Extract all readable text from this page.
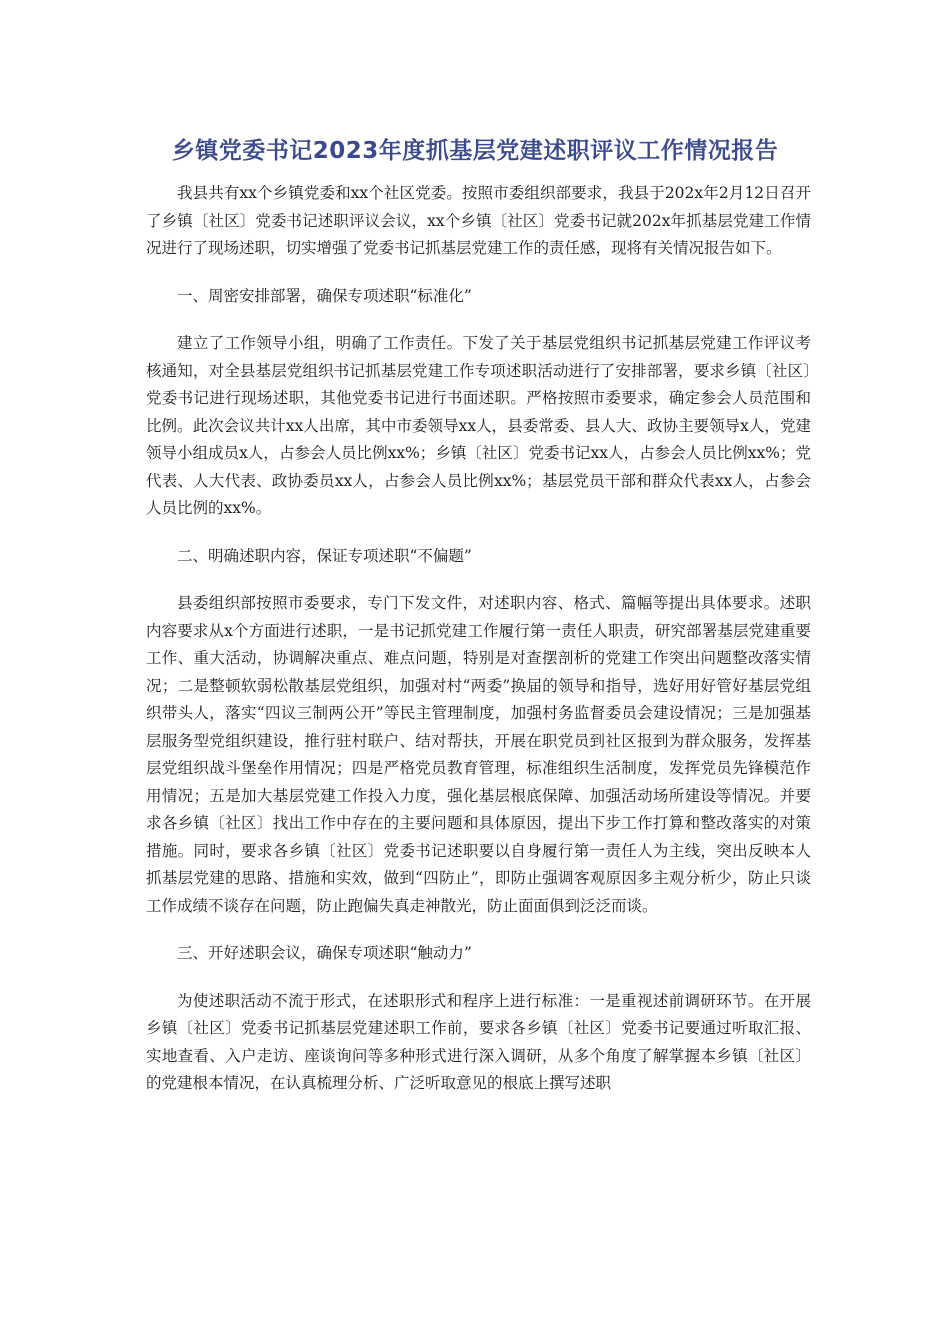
乡镇党委书记2023年度抓基层党建述职评议工作情况报告

我县共有xx个乡镇党委和xx个社区党委。按照市委组织部要求，我县于202x年2月12日召开了乡镇〔社区〕党委书记述职评议会议，xx个乡镇〔社区〕党委书记就202x年抓基层党建工作情况进行了现场述职，切实增强了党委书记抓基层党建工作的责任感，现将有关情况报告如下。

一、周密安排部署，确保专项述职“标准化”

建立了工作领导小组，明确了工作责任。下发了关于基层党组织书记抓基层党建工作评议考核通知，对全县基层党组织书记抓基层党建工作专项述职活动进行了安排部署，要求乡镇〔社区〕党委书记进行现场述职，其他党委书记进行书面述职。严格按照市委要求，确定参会人员范围和比例。此次会议共计xx人出席，其中市委领导xx人，县委常委、县人大、政协主要领导x人，党建领导小组成员x人，占参会人员比例xx%；乡镇〔社区〕党委书记xx人，占参会人员比例xx%；党代表、人大代表、政协委员xx人，占参会人员比例xx%；基层党员干部和群众代表xx人，占参会人员比例的xx%。

二、明确述职内容，保证专项述职“不偏题”

县委组织部按照市委要求，专门下发文件，对述职内容、格式、篇幅等提出具体要求。述职内容要求从x个方面进行述职，一是书记抓党建工作履行第一责任人职责，研究部署基层党建重要工作、重大活动，协调解决重点、难点问题，特别是对查摆剖析的党建工作突出问题整改落实情况；二是整顿软弱松散基层党组织，加强对村“两委”换届的领导和指导，选好用好管好基层党组织带头人，落实“四议三制两公开”等民主管理制度，加强村务监督委员会建设情况；三是加强基层服务型党组织建设，推行驻村联户、结对帮扶，开展在职党员到社区报到为群众服务，发挥基层党组织战斗堡垒作用情况；四是严格党员教育管理，标准组织生活制度，发挥党员先锋模范作用情况；五是加大基层党建工作投入力度，强化基层根底保障、加强活动场所建设等情况。并要求各乡镇〔社区〕找出工作中存在的主要问题和具体原因，提出下步工作打算和整改落实的对策措施。同时，要求各乡镇〔社区〕党委书记述职要以自身履行第一责任人为主线，突出反映本人抓基层党建的思路、措施和实效，做到“四防止”，即防止强调客观原因多主观分析少，防止只谈工作成绩不谈存在问题，防止跑偏失真走神散光，防止面面俱到泛泛而谈。

三、开好述职会议，确保专项述职“触动力”

为使述职活动不流于形式，在述职形式和程序上进行标准：一是重视述前调研环节。在开展乡镇〔社区〕党委书记抓基层党建述职工作前，要求各乡镇〔社区〕党委书记要通过听取汇报、实地查看、入户走访、座谈询问等多种形式进行深入调研，从多个角度了解掌握本乡镇〔社区〕的党建根本情况，在认真梳理分析、广泛听取意见的根底上撰写述职
